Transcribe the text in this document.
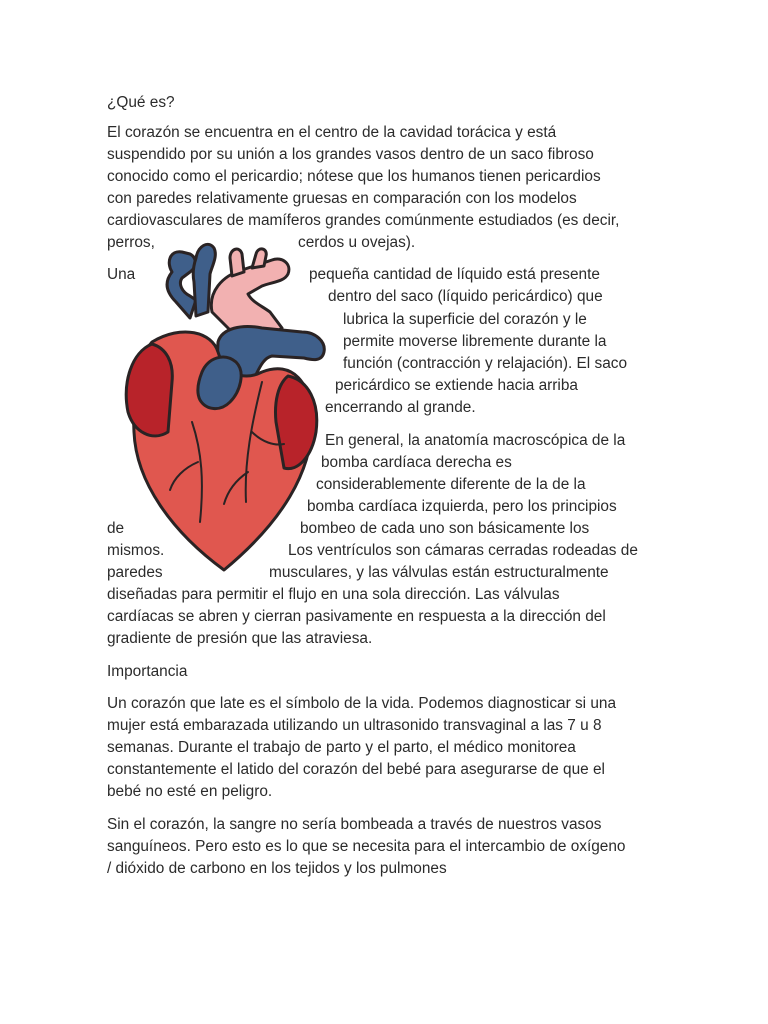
¿Qué es?
El corazón se encuentra en el centro de la cavidad torácica y está
suspendido por su unión a los grandes vasos dentro de un saco fibroso
conocido como el pericardio; nótese que los humanos tienen pericardios
con paredes relativamente gruesas en comparación con los modelos
cardiovasculares de mamíferos grandes comúnmente estudiados (es decir,
perros,	cerdos u ovejas).
Una	pequeña cantidad de líquido está presente
dentro del saco (líquido pericárdico) que
lubrica la superficie del corazón y le
permite moverse libremente durante la
función (contracción y relajación). El saco
pericárdico se extiende hacia arriba
encerrando al grande.
En general, la anatomía macroscópica de la
bomba cardíaca derecha es
considerablemente diferente de la de la
bomba cardíaca izquierda, pero los principios
de	bombeo de cada uno son básicamente los
mismos.	Los ventrículos son cámaras cerradas rodeadas de
paredes	musculares, y las válvulas están estructuralmente
diseñadas para permitir el flujo en una sola dirección. Las válvulas
cardíacas se abren y cierran pasivamente en respuesta a la dirección del
gradiente de presión que las atraviesa.
Importancia
Un corazón que late es el símbolo de la vida. Podemos diagnosticar si una
mujer está embarazada utilizando un ultrasonido transvaginal a las 7 u 8
semanas. Durante el trabajo de parto y el parto, el médico monitorea
constantemente el latido del corazón del bebé para asegurarse de que el
bebé no esté en peligro.
Sin el corazón, la sangre no sería bombeada a través de nuestros vasos
sanguíneos. Pero esto es lo que se necesita para el intercambio de oxígeno
/ dióxido de carbono en los tejidos y los pulmones
